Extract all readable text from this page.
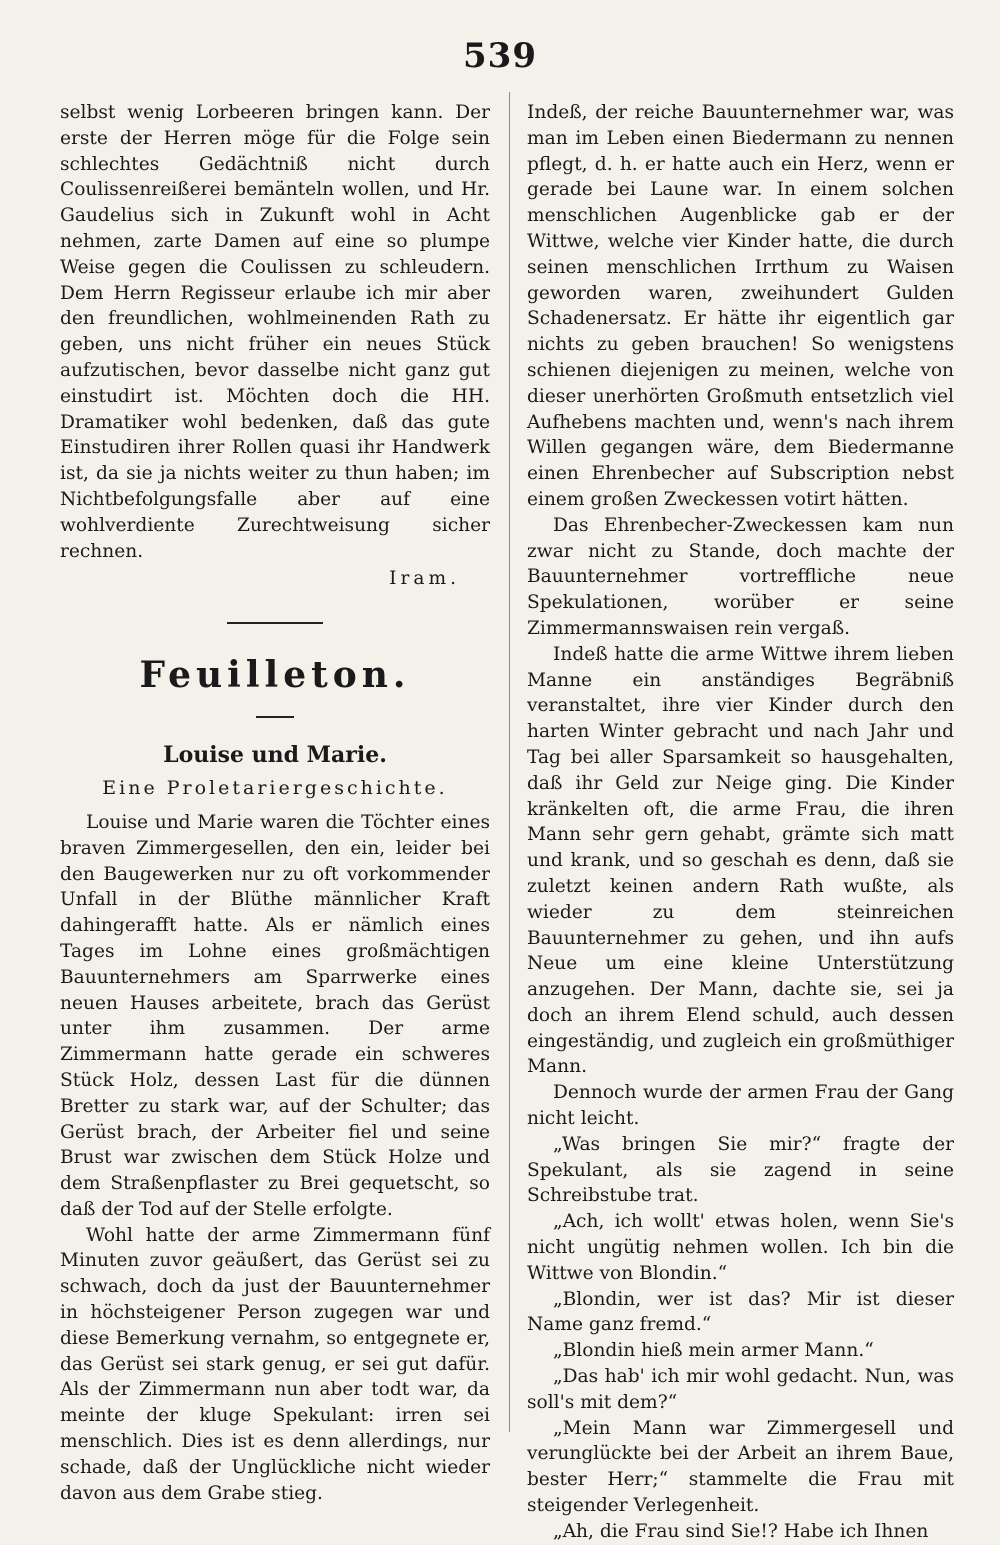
539

selbst wenig Lorbeeren bringen kann. Der erste der Herren möge für die Folge sein schlechtes Gedächtniß nicht durch Coulissenreißerei bemänteln wollen, und Hr. Gaudelius sich in Zukunft wohl in Acht nehmen, zarte Damen auf eine so plumpe Weise gegen die Coulissen zu schleudern. Dem Herrn Regisseur erlaube ich mir aber den freundlichen, wohlmeinenden Rath zu geben, uns nicht früher ein neues Stück aufzutischen, bevor dasselbe nicht ganz gut einstudirt ist. Möchten doch die HH. Dramatiker wohl bedenken, daß das gute Einstudiren ihrer Rollen quasi ihr Handwerk ist, da sie ja nichts weiter zu thun haben; im Nichtbefolgungsfalle aber auf eine wohlverdiente Zurechtweisung sicher rechnen.

Iram.

Feuilleton.
Louise und Marie.
Eine Proletariergeschichte.

Louise und Marie waren die Töchter eines braven Zimmergesellen, den ein, leider bei den Baugewerken nur zu oft vorkommender Unfall in der Blüthe männlicher Kraft dahingerafft hatte. Als er nämlich eines Tages im Lohne eines großmächtigen Bauunternehmers am Sparrwerke eines neuen Hauses arbeitete, brach das Gerüst unter ihm zusammen. Der arme Zimmermann hatte gerade ein schweres Stück Holz, dessen Last für die dünnen Bretter zu stark war, auf der Schulter; das Gerüst brach, der Arbeiter fiel und seine Brust war zwischen dem Stück Holze und dem Straßenpflaster zu Brei gequetscht, so daß der Tod auf der Stelle erfolgte.

Wohl hatte der arme Zimmermann fünf Minuten zuvor geäußert, das Gerüst sei zu schwach, doch da just der Bauunternehmer in höchsteigener Person zugegen war und diese Bemerkung vernahm, so entgegnete er, das Gerüst sei stark genug, er sei gut dafür. Als der Zimmermann nun aber todt war, da meinte der kluge Spekulant: irren sei menschlich. Dies ist es denn allerdings, nur schade, daß der Unglückliche nicht wieder davon aus dem Grabe stieg.

Indeß, der reiche Bauunternehmer war, was man im Leben einen Biedermann zu nennen pflegt, d. h. er hatte auch ein Herz, wenn er gerade bei Laune war. In einem solchen menschlichen Augenblicke gab er der Wittwe, welche vier Kinder hatte, die durch seinen menschlichen Irrthum zu Waisen geworden waren, zweihundert Gulden Schadenersatz. Er hätte ihr eigentlich gar nichts zu geben brauchen! So wenigstens schienen diejenigen zu meinen, welche von dieser unerhörten Großmuth entsetzlich viel Aufhebens machten und, wenn's nach ihrem Willen gegangen wäre, dem Biedermanne einen Ehrenbecher auf Subscription nebst einem großen Zweckessen votirt hätten.

Das Ehrenbecher-Zweckessen kam nun zwar nicht zu Stande, doch machte der Bauunternehmer vortreffliche neue Spekulationen, worüber er seine Zimmermannswaisen rein vergaß.

Indeß hatte die arme Wittwe ihrem lieben Manne ein anständiges Begräbniß veranstaltet, ihre vier Kinder durch den harten Winter gebracht und nach Jahr und Tag bei aller Sparsamkeit so hausgehalten, daß ihr Geld zur Neige ging. Die Kinder kränkelten oft, die arme Frau, die ihren Mann sehr gern gehabt, grämte sich matt und krank, und so geschah es denn, daß sie zuletzt keinen andern Rath wußte, als wieder zu dem steinreichen Bauunternehmer zu gehen, und ihn aufs Neue um eine kleine Unterstützung anzugehen. Der Mann, dachte sie, sei ja doch an ihrem Elend schuld, auch dessen eingeständig, und zugleich ein großmüthiger Mann.

Dennoch wurde der armen Frau der Gang nicht leicht.

„Was bringen Sie mir?“ fragte der Spekulant, als sie zagend in seine Schreibstube trat.

„Ach, ich wollt' etwas holen, wenn Sie's nicht ungütig nehmen wollen. Ich bin die Wittwe von Blondin.“

„Blondin, wer ist das? Mir ist dieser Name ganz fremd.“

„Blondin hieß mein armer Mann.“

„Das hab' ich mir wohl gedacht. Nun, was soll's mit dem?“

„Mein Mann war Zimmergesell und verunglückte bei der Arbeit an ihrem Baue, bester Herr;“ stammelte die Frau mit steigender Verlegenheit.

„Ah, die Frau sind Sie!? Habe ich Ihnen
